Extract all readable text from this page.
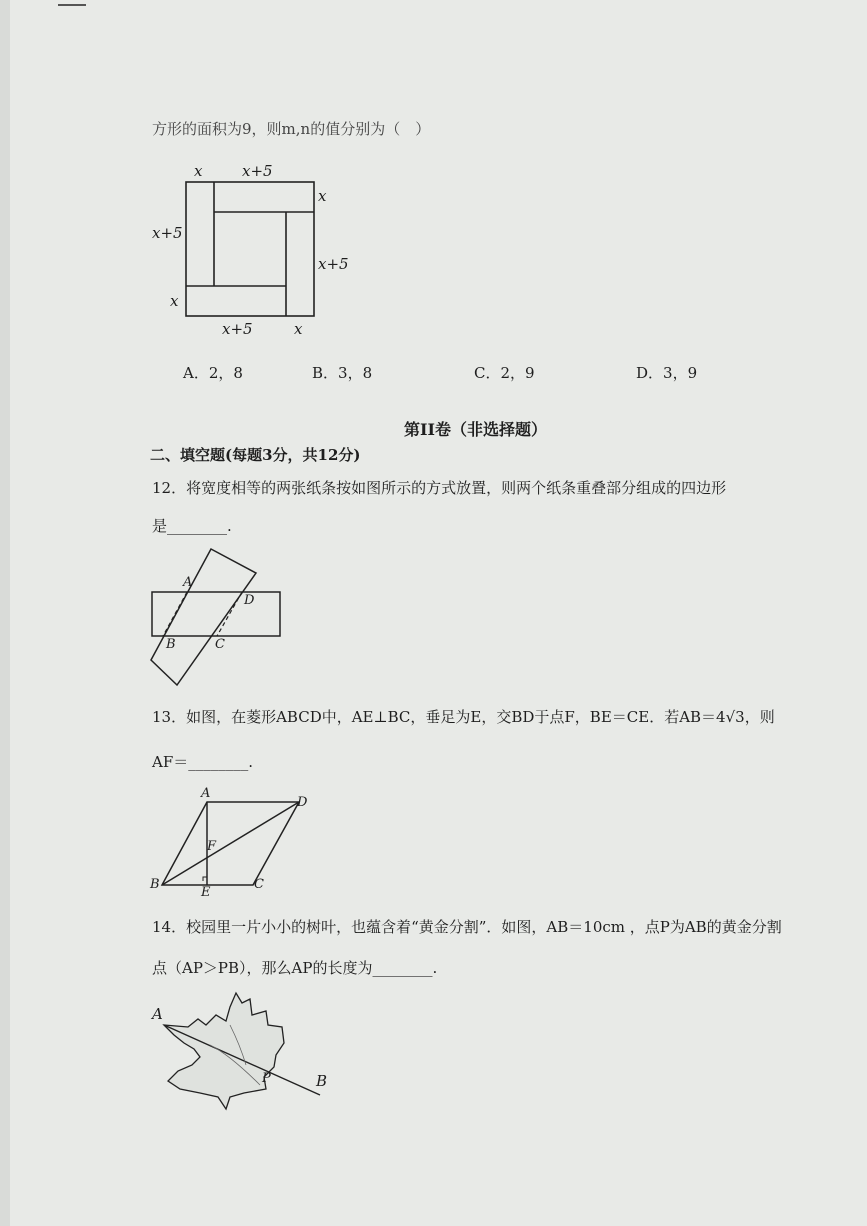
方形的面积为9，则m,n的值分别为（　）
x	x+5
x
x+5
x+5
x
x+5	x
A．2，8	B．3，8	C．2，9	D．3，9
第II卷（非选择题）
二、填空题(每题3分，共12分)
12．将宽度相等的两张纸条按如图所示的方式放置，则两个纸条重叠部分组成的四边形
是________.
A
D
B	C
13．如图，在菱形ABCD中，AE⊥BC，垂足为E，交BD于点F，BE＝CE．若AB＝4√3，则
AF＝________.
A
D
F
B
E
C
14．校园里一片小小的树叶，也蕴含着“黄金分割”．如图，AB＝10cm ，点P为AB的黄金分割
点（AP＞PB），那么AP的长度为________.
A
P	B
